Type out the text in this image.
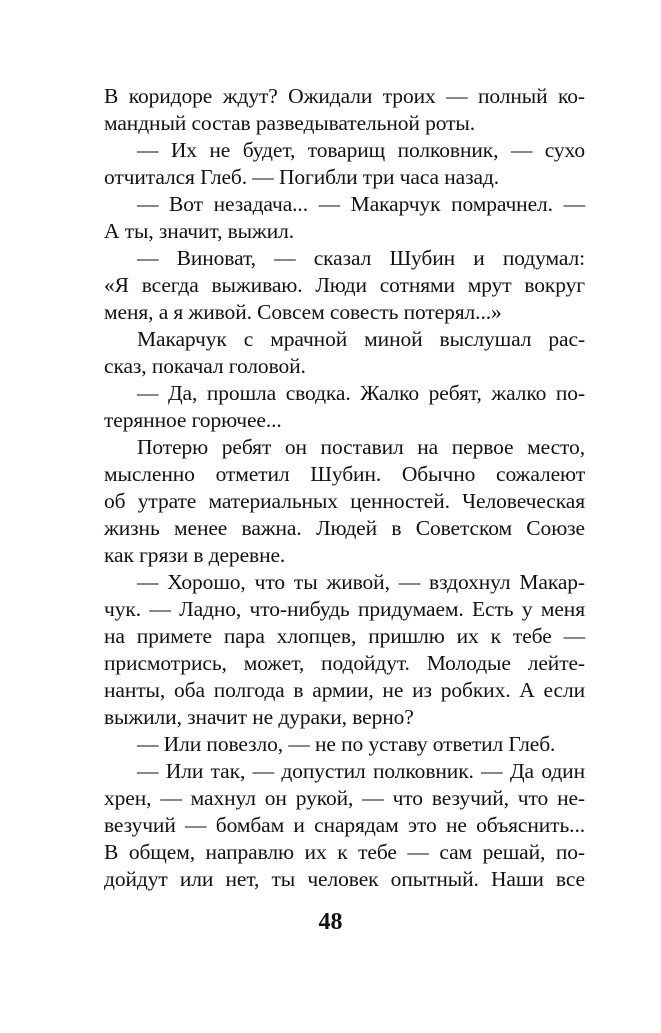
В коридоре ждут? Ожидали троих — полный ко-
мандный состав разведывательной роты.
— Их не будет, товарищ полковник, — сухо
отчитался Глеб. — Погибли три часа назад.
— Вот незадача... — Макарчук помрачнел. —
А ты, значит, выжил.
— Виноват, — сказал Шубин и подумал:
«Я всегда выживаю. Люди сотнями мрут вокруг
меня, а я живой. Совсем совесть потерял...»
Макарчук с мрачной миной выслушал рас-
сказ, покачал головой.
— Да, прошла сводка. Жалко ребят, жалко по-
терянное горючее...
Потерю ребят он поставил на первое место,
мысленно отметил Шубин. Обычно сожалеют
об утрате материальных ценностей. Человеческая
жизнь менее важна. Людей в Советском Союзе
как грязи в деревне.
— Хорошо, что ты живой, — вздохнул Макар-
чук. — Ладно, что-нибудь придумаем. Есть у меня
на примете пара хлопцев, пришлю их к тебе —
присмотрись, может, подойдут. Молодые лейте-
нанты, оба полгода в армии, не из робких. А если
выжили, значит не дураки, верно?
— Или повезло, — не по уставу ответил Глеб.
— Или так, — допустил полковник. — Да один
хрен, — махнул он рукой, — что везучий, что не-
везучий — бомбам и снарядам это не объяснить...
В общем, направлю их к тебе — сам решай, по-
дойдут или нет, ты человек опытный. Наши все
48
